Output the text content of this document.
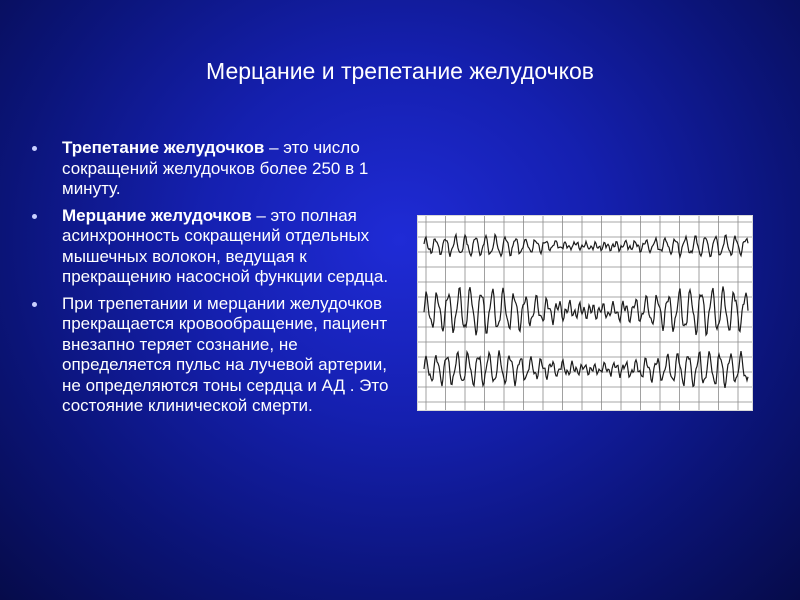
Мерцание и трепетание желудочков
Трепетание желудочков – это число сокращений желудочков более 250 в 1 минуту.
Мерцание желудочков – это полная асинхронность сокращений отдельных мышечных волокон, ведущая к прекращению насосной функции сердца.
При трепетании и мерцании желудочков прекращается кровообращение, пациент внезапно теряет сознание, не определяется пульс на лучевой артерии, не определяются тоны сердца и АД . Это состояние клинической смерти.
